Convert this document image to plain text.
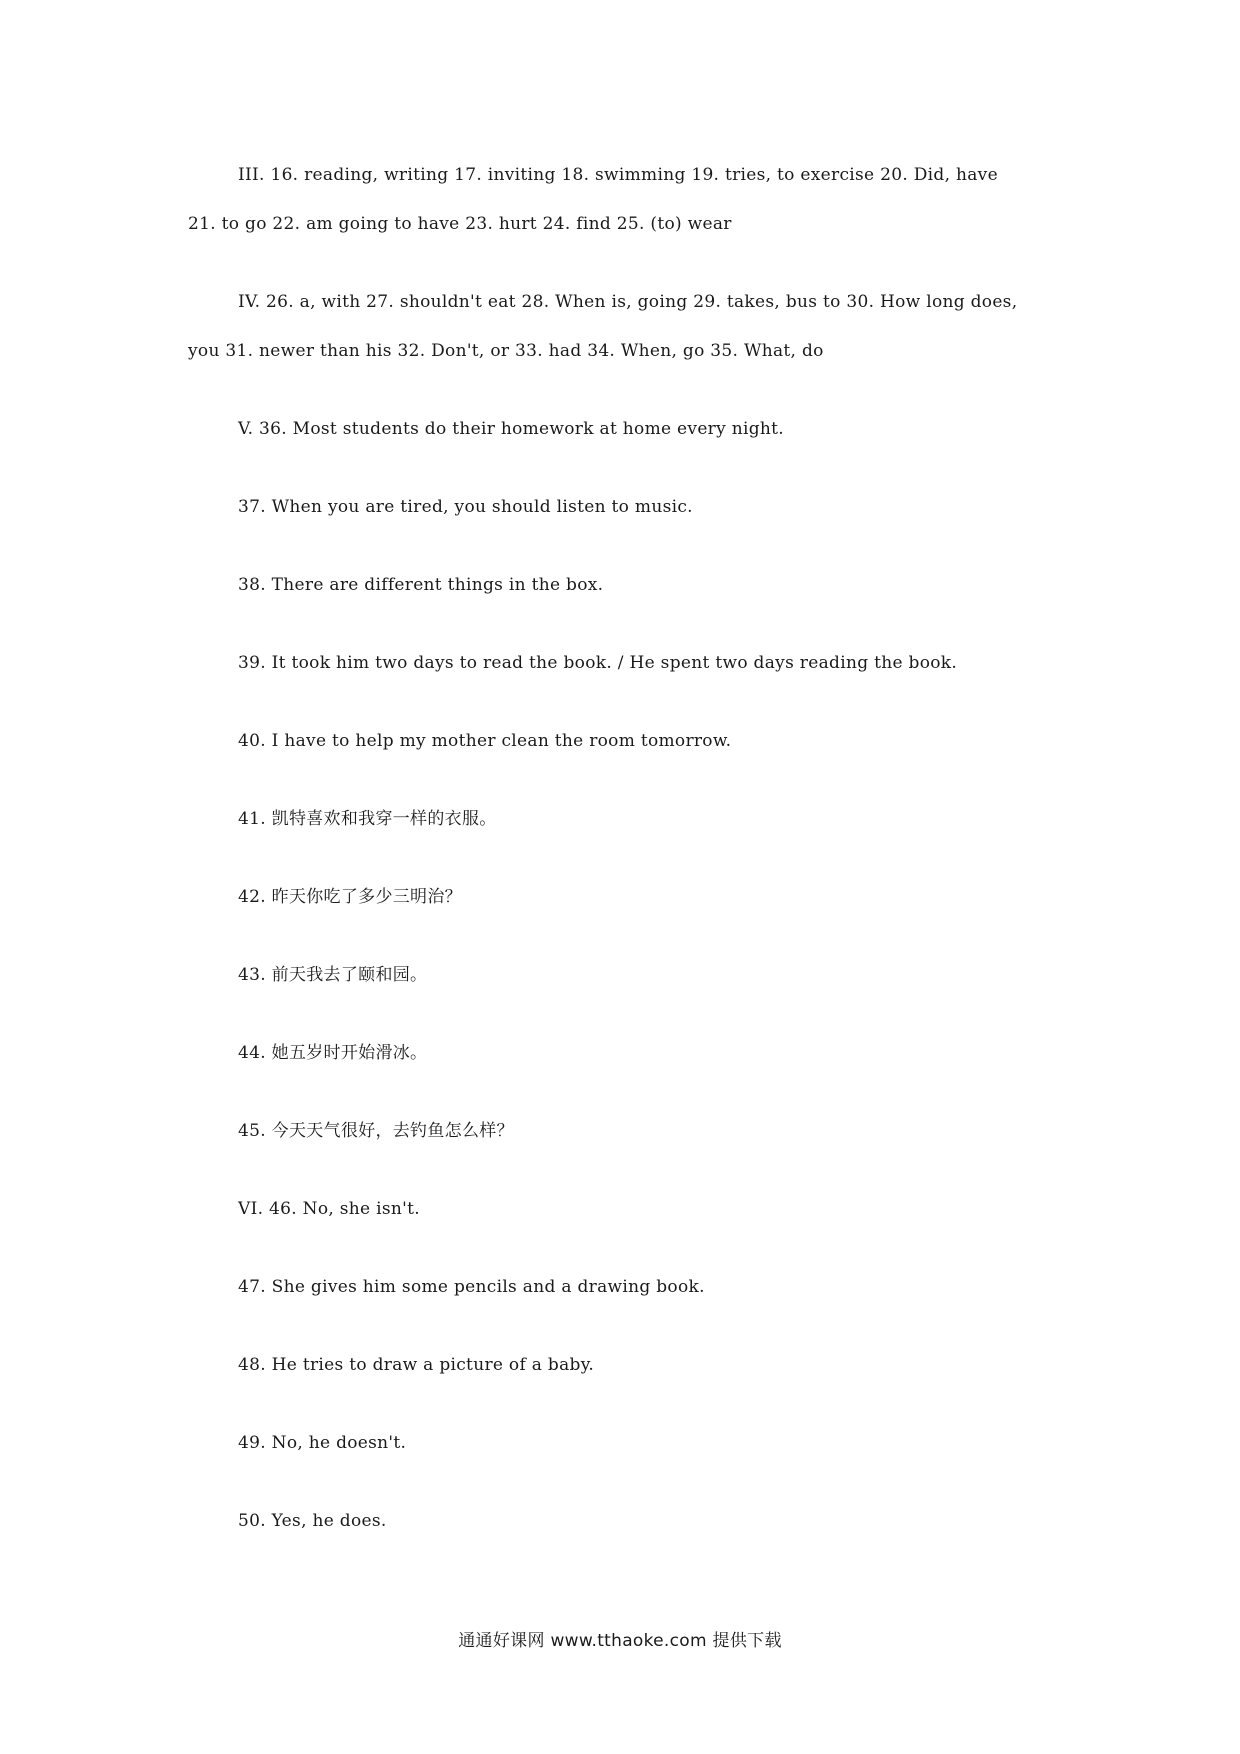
III. 16. reading, writing 17. inviting 18. swimming 19. tries, to exercise 20. Did, have
21. to go 22. am going to have 23. hurt 24. find 25. (to) wear
IV. 26. a, with 27. shouldn't eat 28. When is, going 29. takes, bus to 30. How long does,
you 31. newer than his 32. Don't, or 33. had 34. When, go 35. What, do
V. 36. Most students do their homework at home every night.
37. When you are tired, you should listen to music.
38. There are different things in the box.
39. It took him two days to read the book. / He spent two days reading the book.
40. I have to help my mother clean the room tomorrow.
41. 凯特喜欢和我穿一样的衣服。
42. 昨天你吃了多少三明治？
43. 前天我去了颐和园。
44. 她五岁时开始滑冰。
45. 今天天气很好，去钓鱼怎么样？
VI. 46. No, she isn't.
47. She gives him some pencils and a drawing book.
48. He tries to draw a picture of a baby.
49. No, he doesn't.
50. Yes, he does.
通通好课网 www.tthaoke.com 提供下载
